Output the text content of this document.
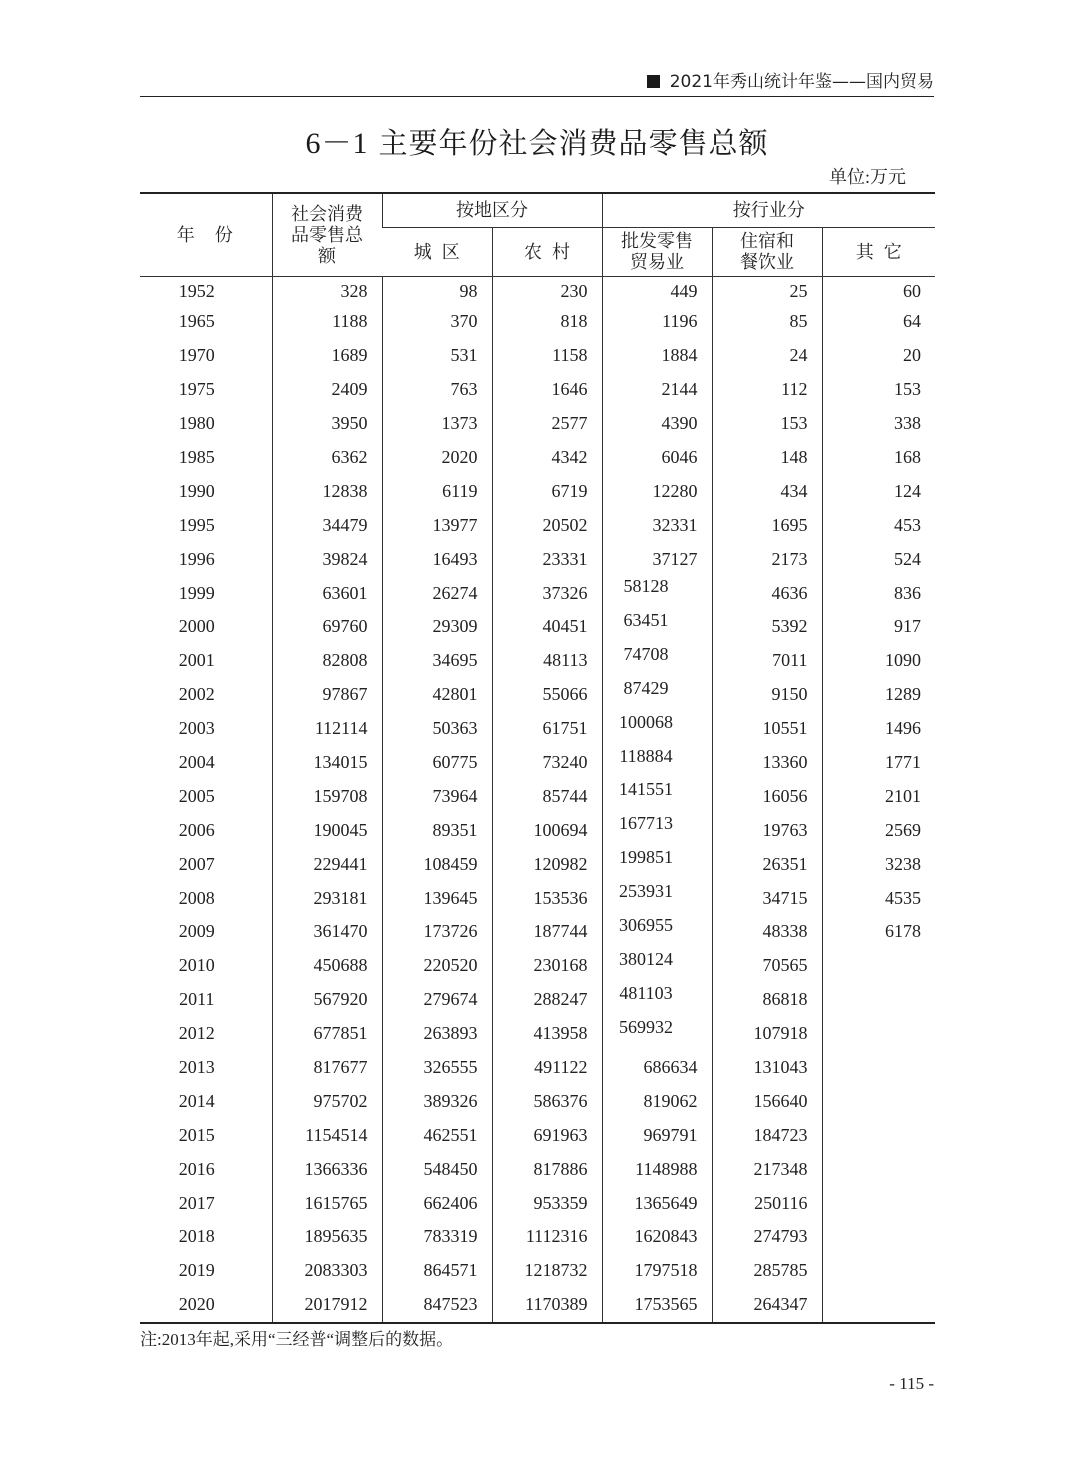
2021年秀山统计年鉴——国内贸易
6－1 主要年份社会消费品零售总额
单位:万元
年份	社会消费品零售总额	按地区分		按行业分		
		城区	农村	批发零售贸易业	住宿和餐饮业	其它
1952	328	98	230	449	25	60
1965	1188	370	818	1196	85	64
1970	1689	531	1158	1884	24	20
1975	2409	763	1646	2144	112	153
1980	3950	1373	2577	4390	153	338
1985	6362	2020	4342	6046	148	168
1990	12838	6119	6719	12280	434	124
1995	34479	13977	20502	32331	1695	453
1996	39824	16493	23331	37127	2173	524
1999	63601	26274	37326	58128	4636	836
2000	69760	29309	40451	63451	5392	917
2001	82808	34695	48113	74708	7011	1090
2002	97867	42801	55066	87429	9150	1289
2003	112114	50363	61751	100068	10551	1496
2004	134015	60775	73240	118884	13360	1771
2005	159708	73964	85744	141551	16056	2101
2006	190045	89351	100694	167713	19763	2569
2007	229441	108459	120982	199851	26351	3238
2008	293181	139645	153536	253931	34715	4535
2009	361470	173726	187744	306955	48338	6178
2010	450688	220520	230168	380124	70565	
2011	567920	279674	288247	481103	86818	
2012	677851	263893	413958	569932	107918	
2013	817677	326555	491122	686634	131043	
2014	975702	389326	586376	819062	156640	
2015	1154514	462551	691963	969791	184723	
2016	1366336	548450	817886	1148988	217348	
2017	1615765	662406	953359	1365649	250116	
2018	1895635	783319	1112316	1620843	274793	
2019	2083303	864571	1218732	1797518	285785	
2020	2017912	847523	1170389	1753565	264347	
注:2013年起,采用“三经普“调整后的数据。
- 115 -
